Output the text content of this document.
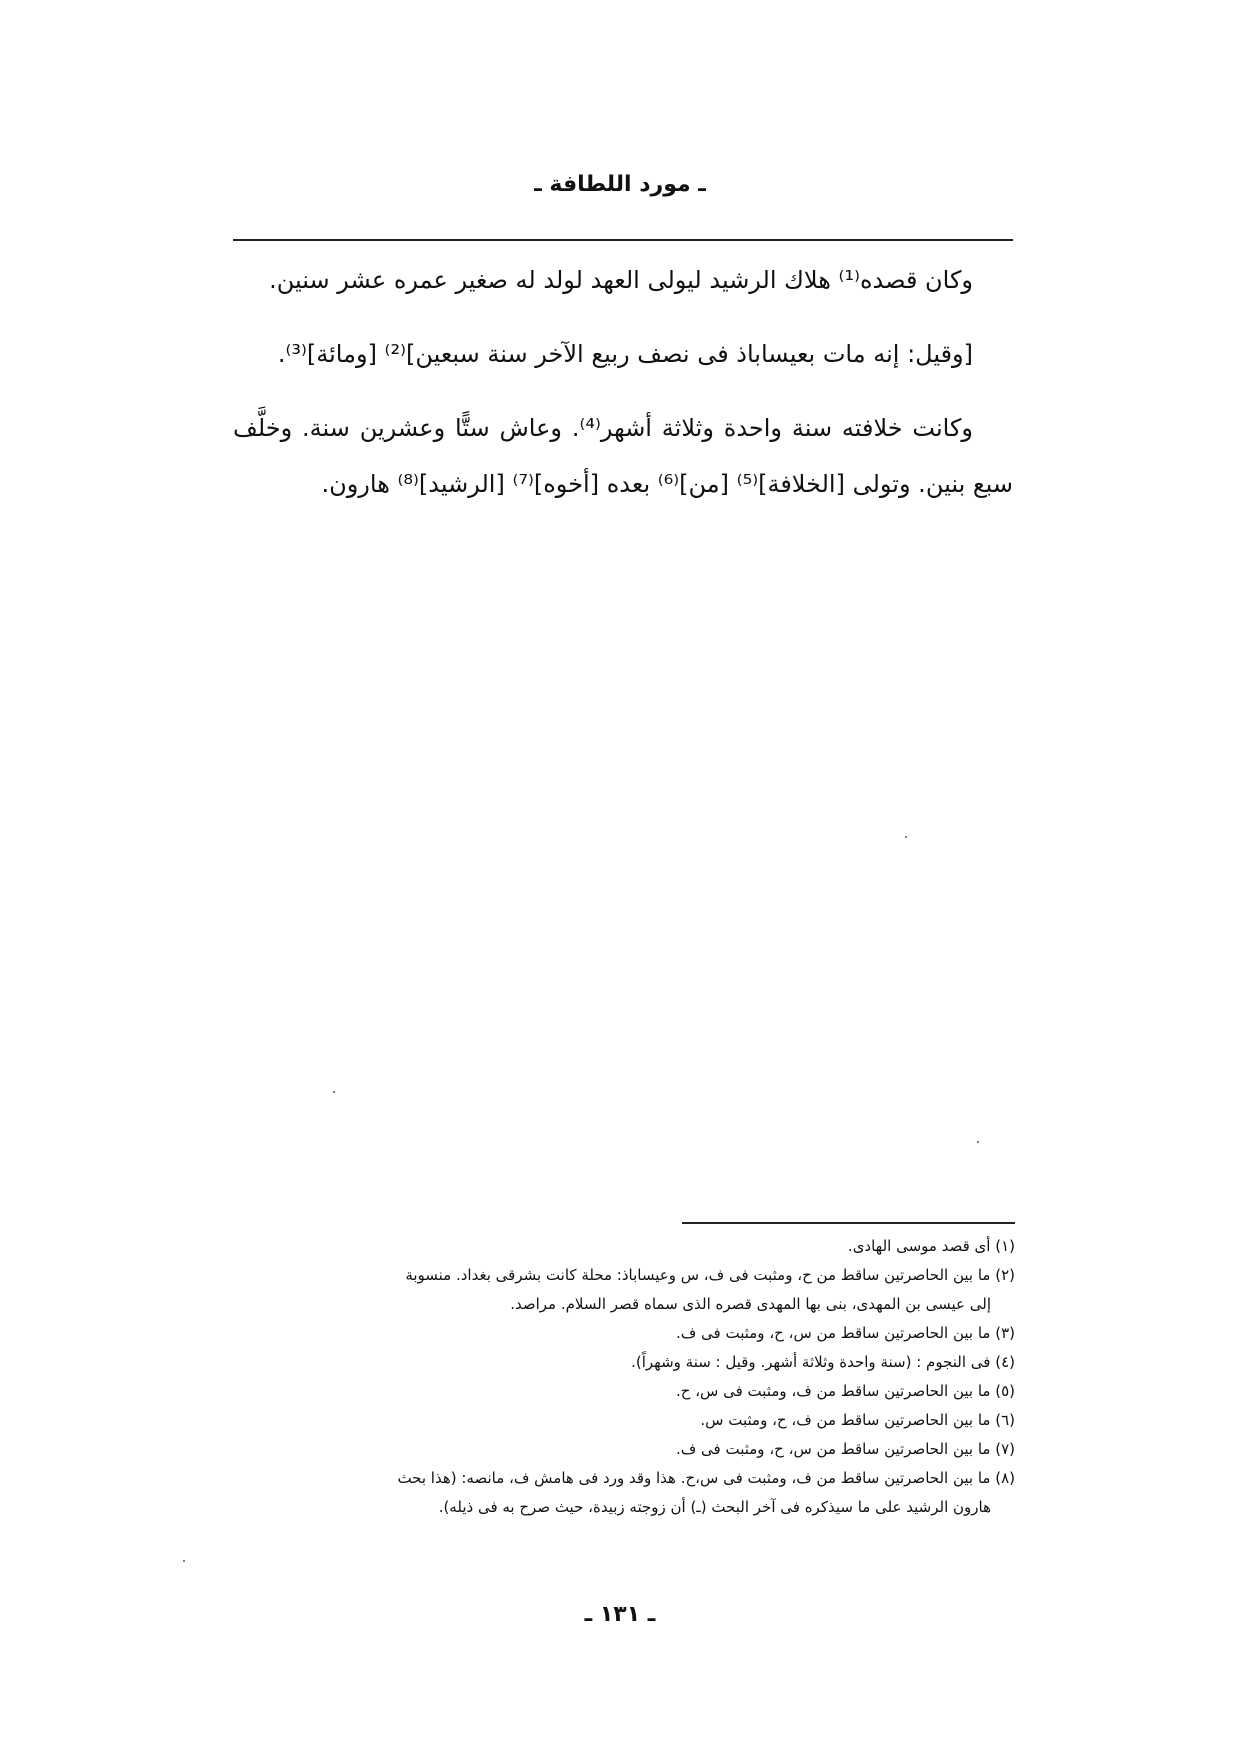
ـ مورد اللطافة ـ

وكان قصده⁽¹⁾ هلاك الرشيد ليولى العهد لولد له صغير عمره عشر سنين.

[وقيل: إنه مات بعيساباذ فى نصف ربيع الآخر سنة سبعين]⁽²⁾ [ومائة]⁽³⁾.

وكانت خلافته سنة واحدة وثلاثة أشهر⁽⁴⁾. وعاش ستًّا وعشرين سنة. وخلَّف سبع بنين. وتولى [الخلافة]⁽⁵⁾ [من]⁽⁶⁾ بعده [أخوه]⁽⁷⁾ [الرشيد]⁽⁸⁾ هارون.

(١) أى قصد موسى الهادى.
(٢) ما بين الحاصرتين ساقط من ح، ومثبت فى ف، س وعيساباذ: محلة كانت بشرقى بغداد. منسوبة
إلى عيسى بن المهدى، بنى بها المهدى قصره الذى سماه قصر السلام. مراصد.
(٣) ما بين الحاصرتين ساقط من س، ح، ومثبت فى ف.
(٤) فى النجوم : (سنة واحدة وثلاثة أشهر. وقيل : سنة وشهراً).
(٥) ما بين الحاصرتين ساقط من ف، ومثبت فى س، ح.
(٦) ما بين الحاصرتين ساقط من ف، ح، ومثبت س.
(٧) ما بين الحاصرتين ساقط من س، ح، ومثبت فى ف.
(٨) ما بين الحاصرتين ساقط من ف، ومثبت فى س،ح. هذا وقد ورد فى هامش ف، مانصه: (هذا بحث
هارون الرشيد على ما سيذكره فى آخر البحث (ـ) أن زوجته زبيدة، حيث صرح به فى ذيله).
ـ ١٣١ ـ
